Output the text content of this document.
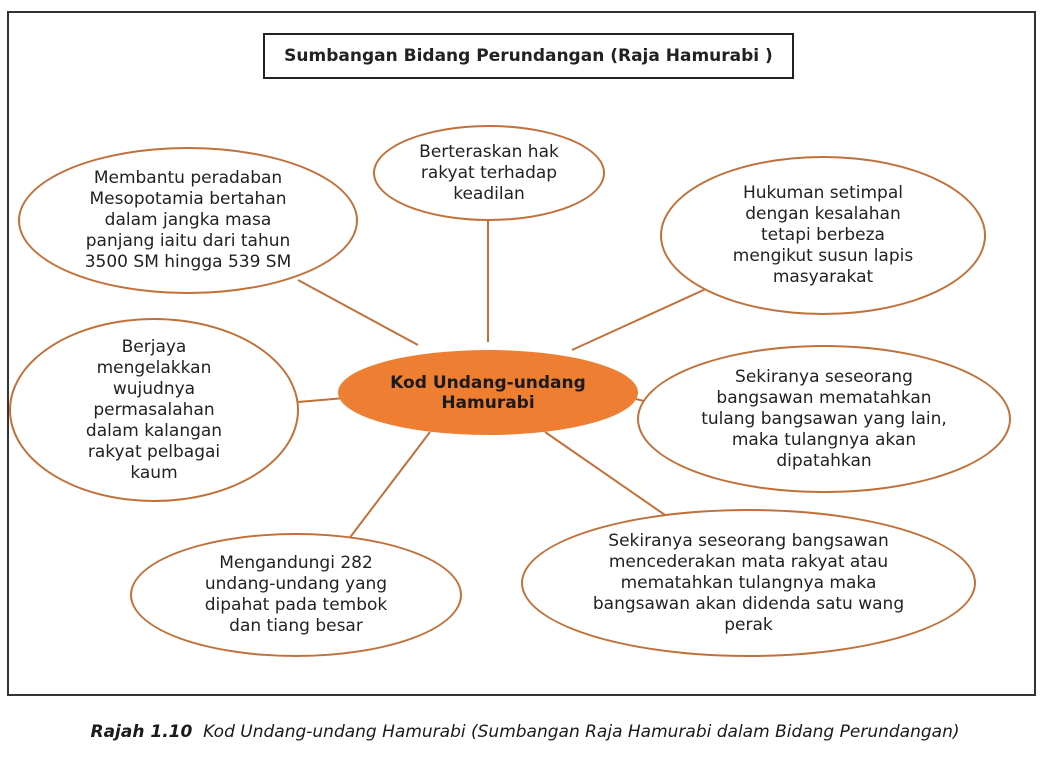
Sumbangan Bidang Perundangan (Raja Hamurabi )
Berteraskan hak rakyat terhadap keadilan
Membantu peradaban Mesopotamia bertahan dalam jangka masa panjang iaitu dari tahun 3500 SM hingga 539 SM
Hukuman setimpal dengan kesalahan tetapi berbeza mengikut susun lapis masyarakat
Berjaya mengelakkan wujudnya permasalahan dalam kalangan rakyat pelbagai kaum
Sekiranya seseorang bangsawan mematahkan tulang bangsawan yang lain, maka tulangnya akan dipatahkan
Mengandungi 282 undang-undang yang dipahat pada tembok dan tiang besar
Sekiranya seseorang bangsawan mencederakan mata rakyat atau mematahkan tulangnya maka bangsawan akan didenda satu wang perak
Kod Undang-undang Hamurabi
Rajah 1.10 Kod Undang-undang Hamurabi (Sumbangan Raja Hamurabi dalam Bidang Perundangan)
